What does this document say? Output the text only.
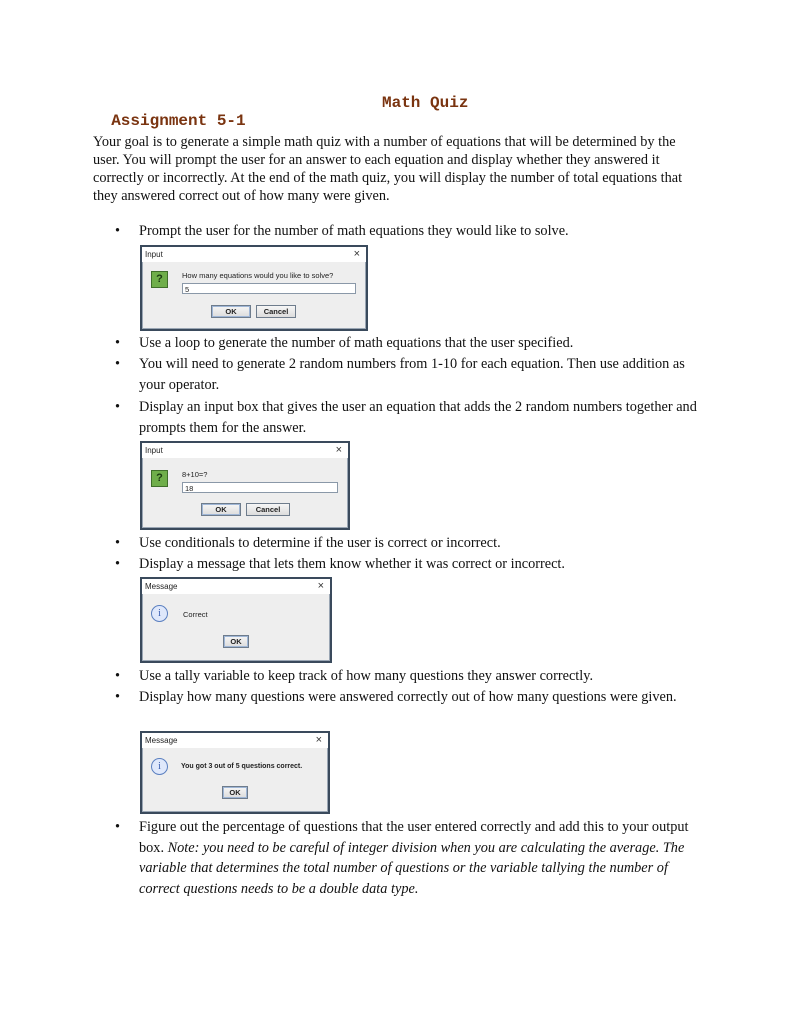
Assignment 5-1

Math Quiz

Your goal is to generate a simple math quiz with a number of equations that will be determined by the user. You will prompt the user for an answer to each equation and display whether they answered it correctly or incorrectly. At the end of the math quiz, you will display the number of total equations that they answered correct out of how many were given.
• Prompt the user for the number of math equations they would like to solve.
Input	×
?	How many equations would you like to solve?
5
OK	Cancel
• Use a loop to generate the number of math equations that the user specified.
• You will need to generate 2 random numbers from 1-10 for each equation. Then use addition as your operator.
• Display an input box that gives the user an equation that adds the 2 random numbers together and prompts them for the answer.
Input	×
?	8+10=?
18
OK	Cancel
• Use conditionals to determine if the user is correct or incorrect.
• Display a message that lets them know whether it was correct or incorrect.
Message	×
i	Correct
OK
• Use a tally variable to keep track of how many questions they answer correctly.
• Display how many questions were answered correctly out of how many questions were given.
Message	×
i	You got 3 out of 5 questions correct.
OK
• Figure out the percentage of questions that the user entered correctly and add this to your output box. Note: you need to be careful of integer division when you are calculating the average. The variable that determines the total number of questions or the variable tallying the number of correct questions needs to be a double data type.
